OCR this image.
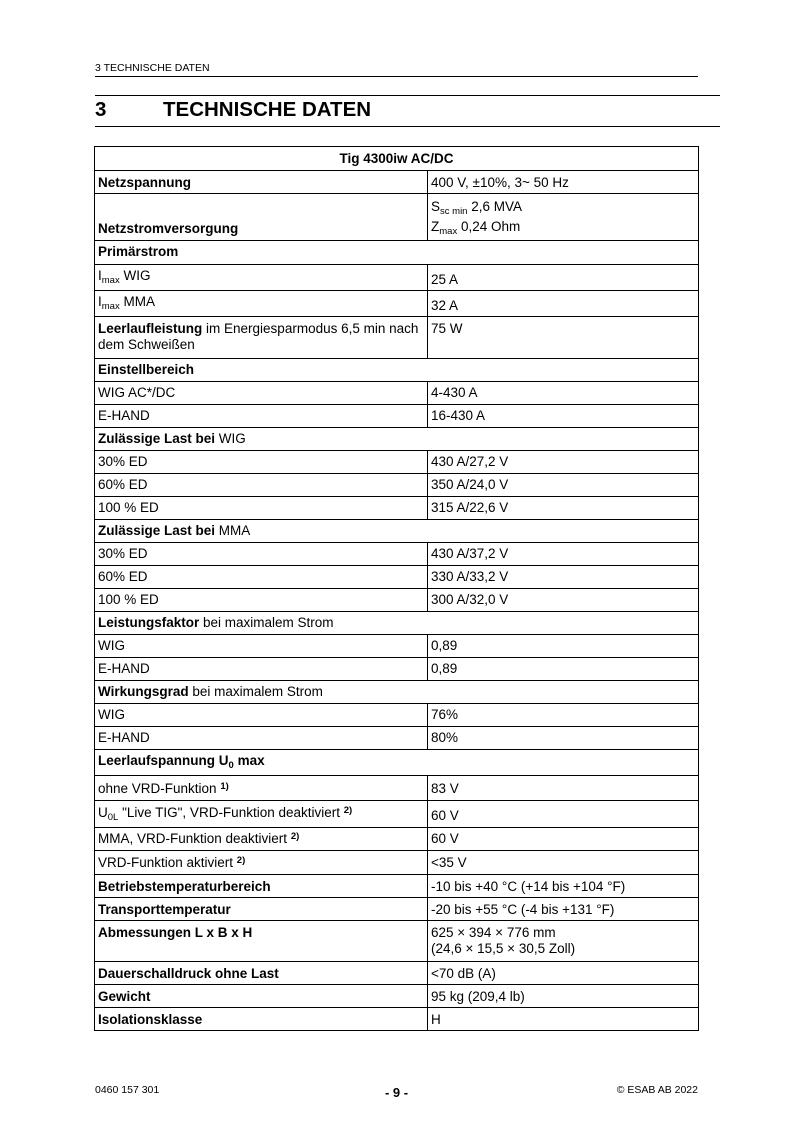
3 TECHNISCHE DATEN
3	TECHNISCHE DATEN
Tig 4300iw AC/DC	
Netzspannung	400 V, ±10%, 3~ 50 Hz
Netzstromversorgung	$S_{sc min}$ 2,6 MVA
$Z_{max}$ 0,24 Ohm

Primärstrom	
$I_{max}$ WIG	25 A
$I_{max}$ MMA	32 A
Leerlaufleistung im Energiesparmodus 6,5 min nach dem Schweißen	75 W
Einstellbereich	
WIG AC*/DC	4-430 A
E-HAND	16-430 A
Zulässige Last bei WIG	
30% ED	430 A/27,2 V
60% ED	350 A/24,0 V
100 % ED	315 A/22,6 V
Zulässige Last bei MMA	
30% ED	430 A/37,2 V
60% ED	330 A/33,2 V
100 % ED	300 A/32,0 V
Leistungsfaktor bei maximalem Strom	
WIG	0,89
E-HAND	0,89
Wirkungsgrad bei maximalem Strom	
WIG	76%
E-HAND	80%
Leerlaufspannung $U_0$ max	
ohne VRD-Funktion $^{1)}$	83 V
$U_{0L}$ "Live TIG", VRD-Funktion deaktiviert $^{2)}$	60 V
MMA, VRD-Funktion deaktiviert $^{2)}$	60 V
VRD-Funktion aktiviert $^{2)}$	<35 V
Betriebstemperaturbereich	-10 bis +40 °C (+14 bis +104 °F)
Transporttemperatur	-20 bis +55 °C (-4 bis +131 °F)
Abmessungen L x B x H	625 × 394 × 776 mm
(24,6 × 15,5 × 30,5 Zoll)

Dauerschalldruck ohne Last	<70 dB (A)
Gewicht	95 kg (209,4 lb)
Isolationsklasse	H
0460 157 301	- 9 -	© ESAB AB 2022
